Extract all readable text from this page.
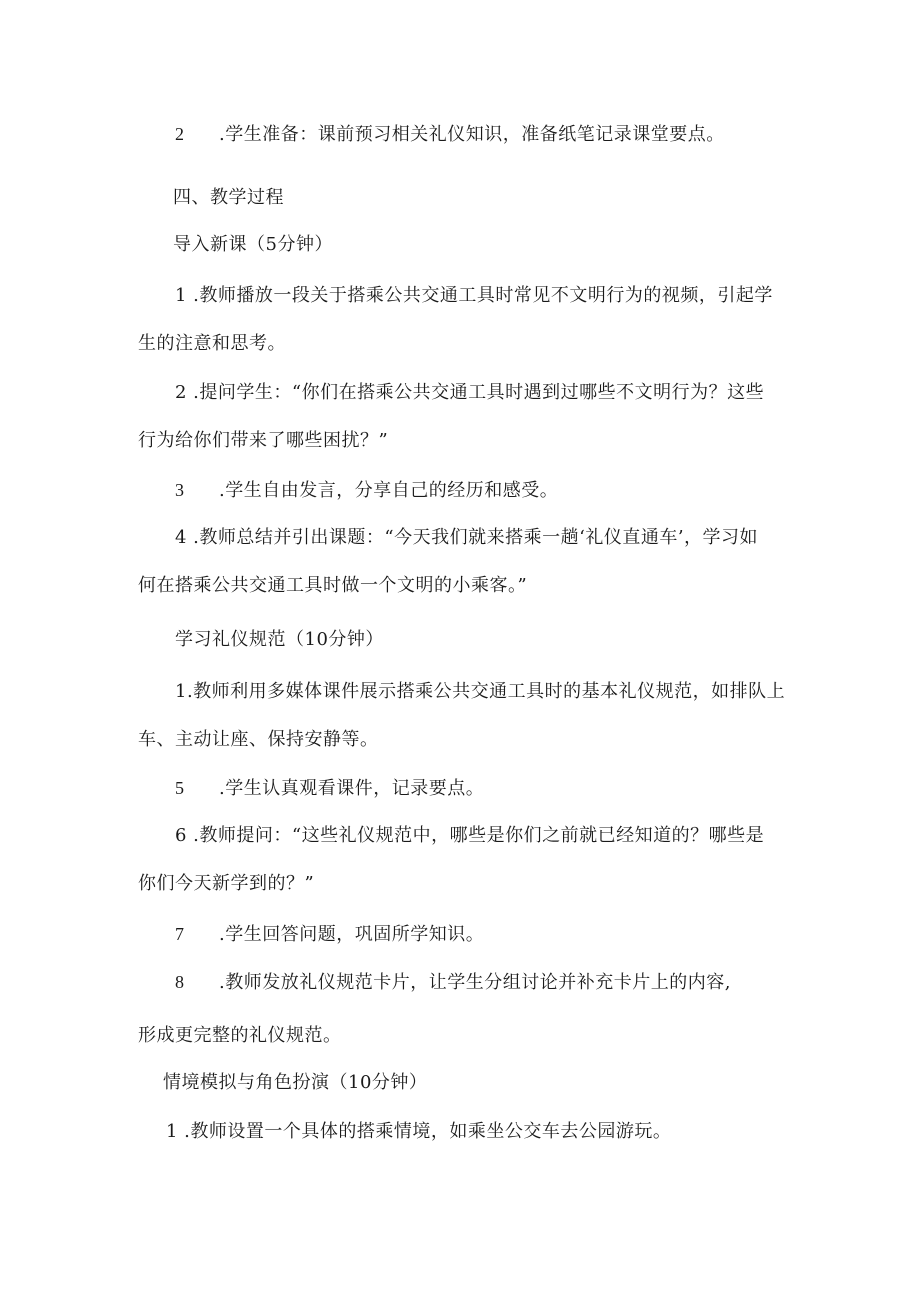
2 .学生准备：课前预习相关礼仪知识，准备纸笔记录课堂要点。
四、教学过程
导入新课（5分钟）
1 .教师播放一段关于搭乘公共交通工具时常见不文明行为的视频，引起学
生的注意和思考。
2 .提问学生：“你们在搭乘公共交通工具时遇到过哪些不文明行为？这些
行为给你们带来了哪些困扰？”
3 .学生自由发言，分享自己的经历和感受。
4 .教师总结并引出课题：“今天我们就来搭乘一趟‘礼仪直通车’，学习如
何在搭乘公共交通工具时做一个文明的小乘客。”
学习礼仪规范（10分钟）
1.教师利用多媒体课件展示搭乘公共交通工具时的基本礼仪规范，如排队上
车、主动让座、保持安静等。
5 .学生认真观看课件，记录要点。
6 .教师提问：“这些礼仪规范中，哪些是你们之前就已经知道的？哪些是
你们今天新学到的？”
7 .学生回答问题，巩固所学知识。
8 .教师发放礼仪规范卡片，让学生分组讨论并补充卡片上的内容,
形成更完整的礼仪规范。
情境模拟与角色扮演（10分钟）
1 .教师设置一个具体的搭乘情境，如乘坐公交车去公园游玩。
